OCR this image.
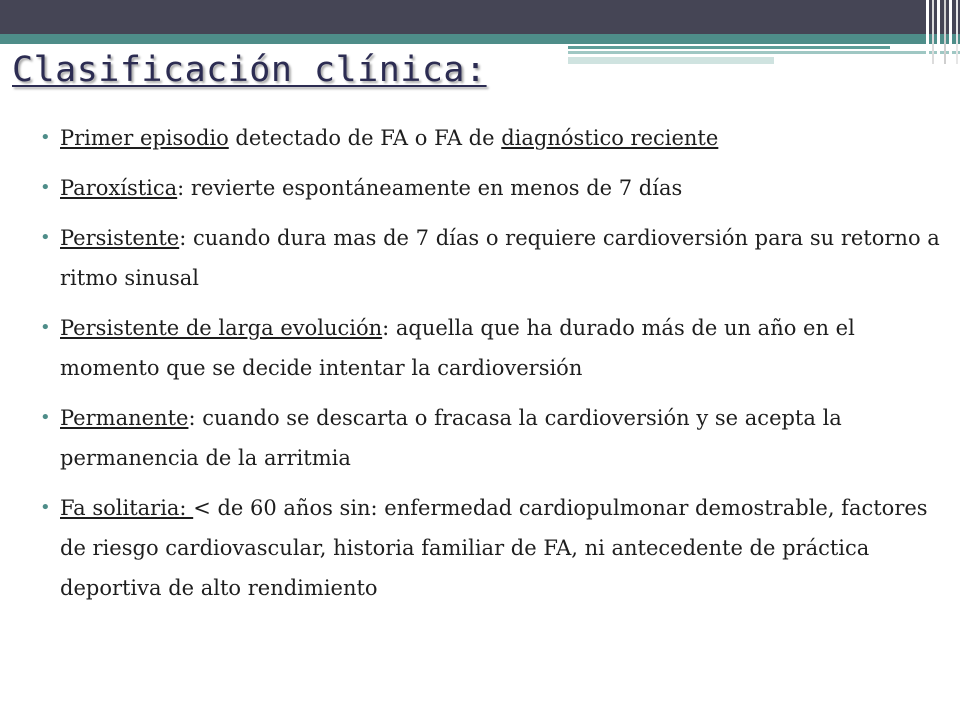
Clasificación clínica:
• Primer episodio detectado de FA o FA de diagnóstico reciente
• Paroxística: revierte espontáneamente en menos de 7 días
• Persistente: cuando dura mas de 7 días o requiere cardioversión para su retorno a ritmo sinusal
• Persistente de larga evolución: aquella que ha durado más de un año en el momento que se decide intentar la cardioversión
• Permanente: cuando se descarta o fracasa la cardioversión y se acepta la permanencia de la arritmia
• Fa solitaria: < de 60 años sin: enfermedad cardiopulmonar demostrable, factores de riesgo cardiovascular, historia familiar de FA, ni antecedente de práctica deportiva de alto rendimiento
